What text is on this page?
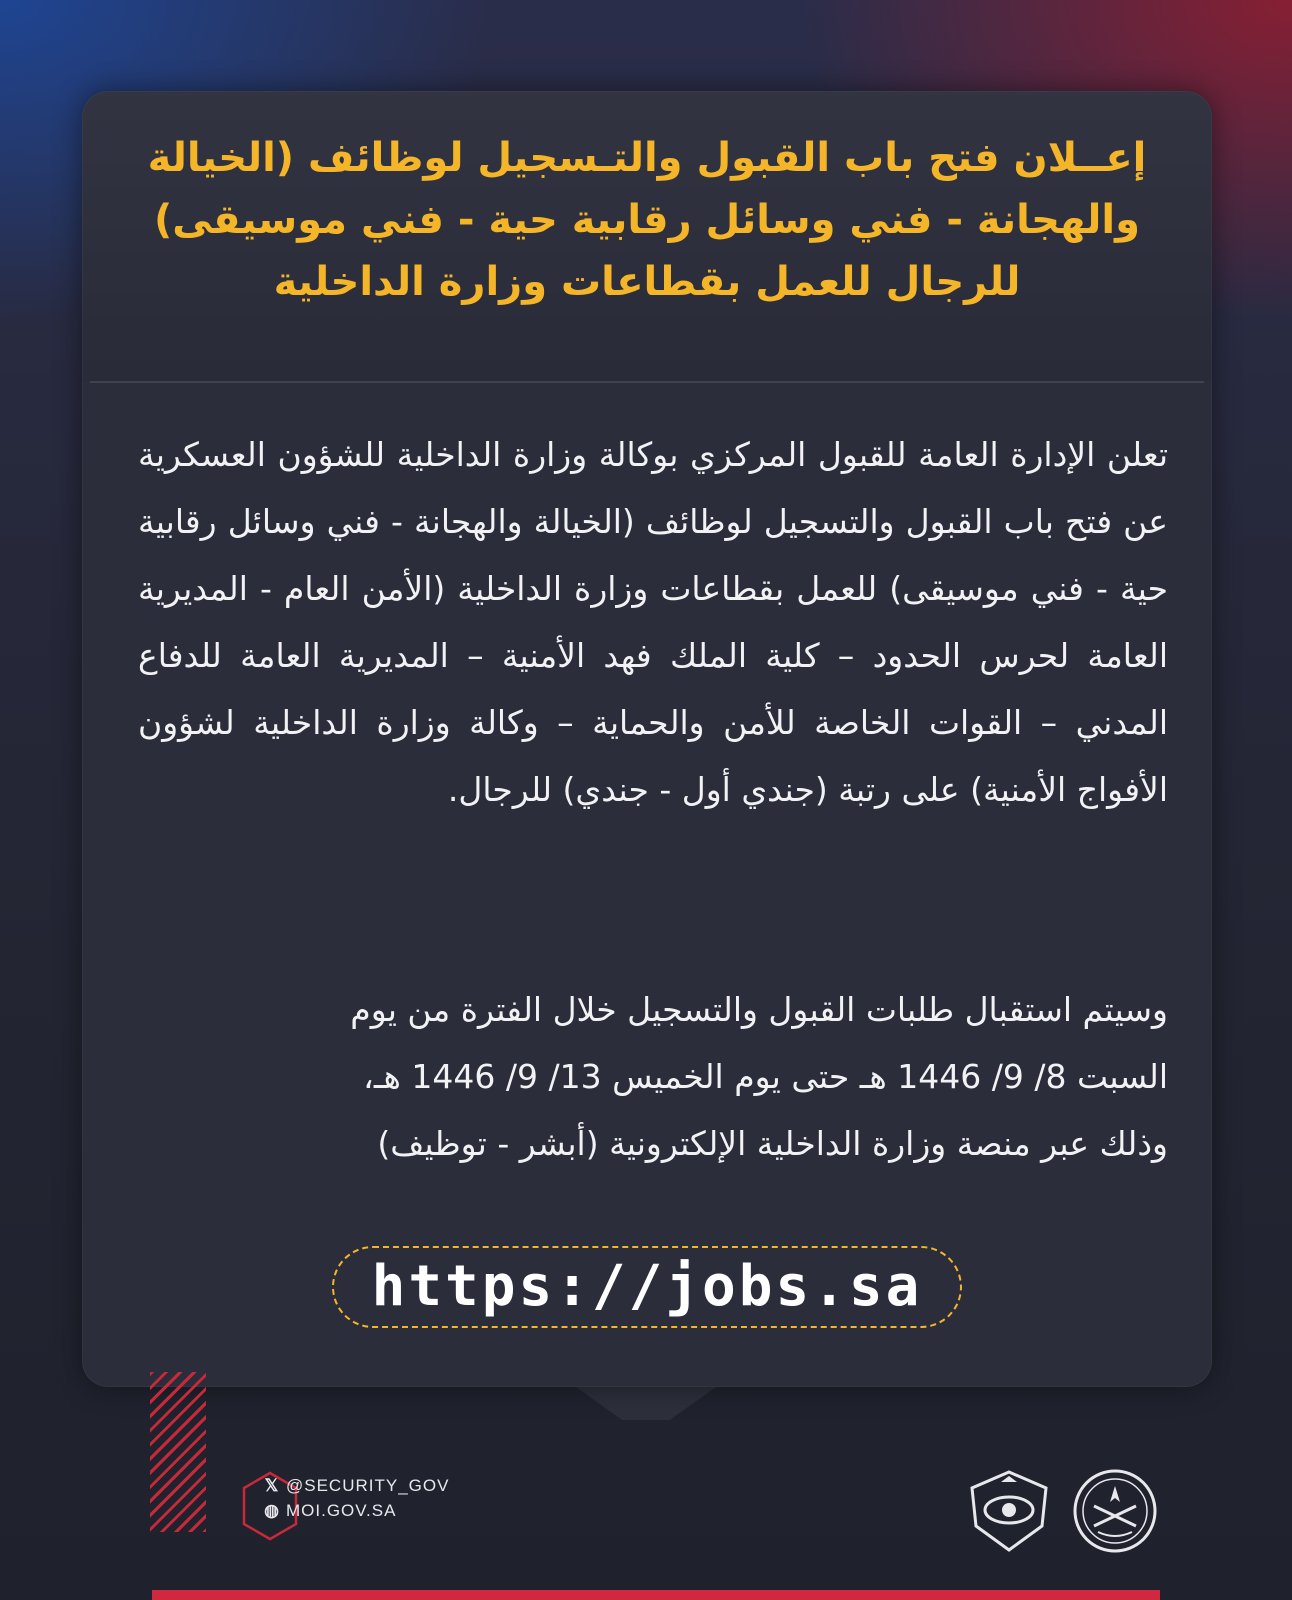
إعــلان فتح باب القبول والتـسجيل لوظائف (الخيالة والهجانة - فني وسائل رقابية حية - فني موسيقى) للرجال للعمل بقطاعات وزارة الداخلية

تعلن الإدارة العامة للقبول المركزي بوكالة وزارة الداخلية للشؤون العسكرية عن فتح باب القبول والتسجيل لوظائف (الخيالة والهجانة - فني وسائل رقابية حية - فني موسيقى) للعمل بقطاعات وزارة الداخلية (الأمن العام - المديرية العامة لحرس الحدود – كلية الملك فهد الأمنية – المديرية العامة للدفاع المدني – القوات الخاصة للأمن والحماية – وكالة وزارة الداخلية لشؤون الأفواج الأمنية) على رتبة (جندي أول - جندي) للرجال.

وسيتم استقبال طلبات القبول والتسجيل خلال الفترة من يوم
السبت 8/ 9/ 1446 هـ حتى يوم الخميس 13/ 9/ 1446 هـ،
وذلك عبر منصة وزارة الداخلية الإلكترونية (أبشر - توظيف)
https://jobs.sa
𝕏 @SECURITY_GOV
◍ MOI.GOV.SA
